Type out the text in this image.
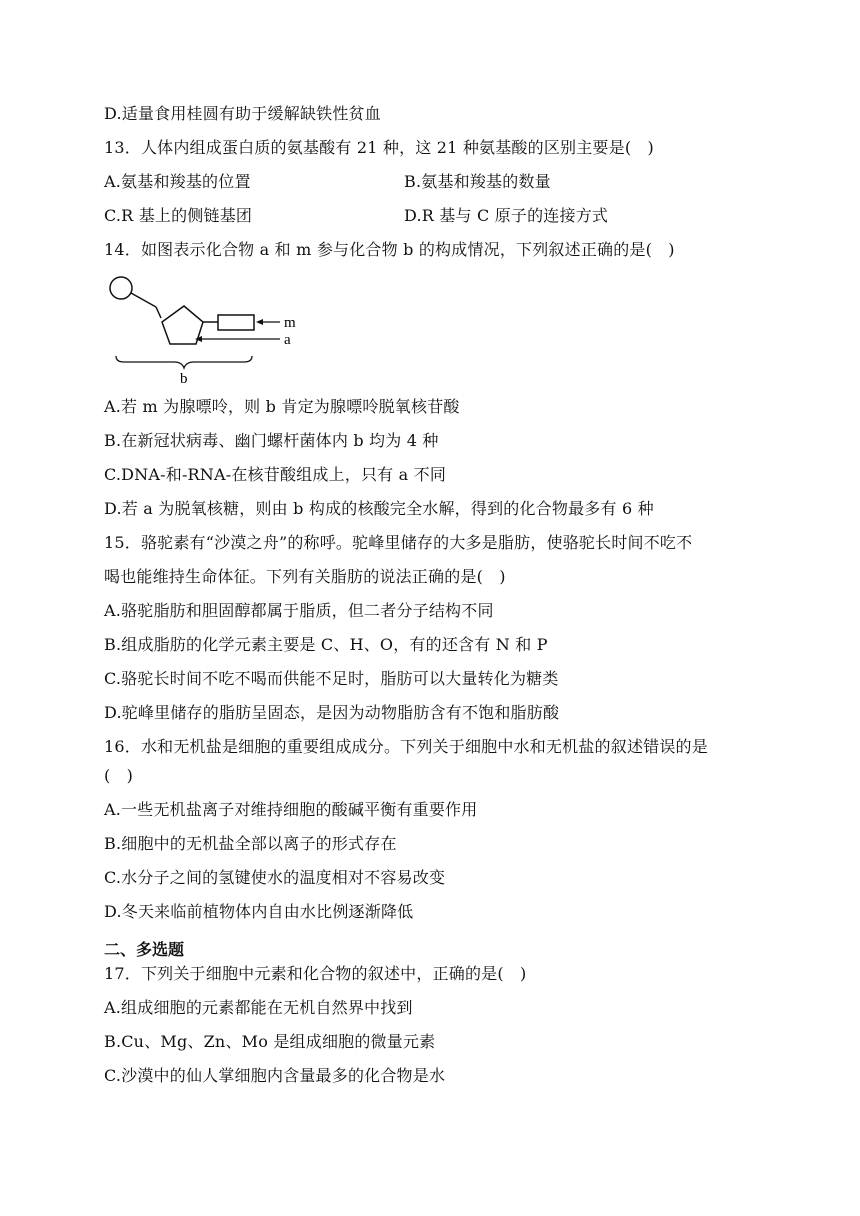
D.适量食用桂圆有助于缓解缺铁性贫血
13．人体内组成蛋白质的氨基酸有 21 种，这 21 种氨基酸的区别主要是(　)
A.氨基和羧基的位置	B.氨基和羧基的数量
C.R 基上的侧链基团	D.R 基与 C 原子的连接方式
14．如图表示化合物 a 和 m 参与化合物 b 的构成情况，下列叙述正确的是(　)
m
a
b
A.若 m 为腺嘌呤，则 b 肯定为腺嘌呤脱氧核苷酸
B.在新冠状病毒、幽门螺杆菌体内 b 均为 4 种
C.DNA-和-RNA-在核苷酸组成上，只有 a 不同
D.若 a 为脱氧核糖，则由 b 构成的核酸完全水解，得到的化合物最多有 6 种
15．骆驼素有“沙漠之舟”的称呼。驼峰里储存的大多是脂肪，使骆驼长时间不吃不
喝也能维持生命体征。下列有关脂肪的说法正确的是(　)
A.骆驼脂肪和胆固醇都属于脂质，但二者分子结构不同
B.组成脂肪的化学元素主要是 C、H、O，有的还含有 N 和 P
C.骆驼长时间不吃不喝而供能不足时，脂肪可以大量转化为糖类
D.驼峰里储存的脂肪呈固态，是因为动物脂肪含有不饱和脂肪酸
16．水和无机盐是细胞的重要组成成分。下列关于细胞中水和无机盐的叙述错误的是
(　)
A.一些无机盐离子对维持细胞的酸碱平衡有重要作用
B.细胞中的无机盐全部以离子的形式存在
C.水分子之间的氢键使水的温度相对不容易改变
D.冬天来临前植物体内自由水比例逐渐降低
二、多选题
17．下列关于细胞中元素和化合物的叙述中，正确的是(　)
A.组成细胞的元素都能在无机自然界中找到
B.Cu、Mg、Zn、Mo 是组成细胞的微量元素
C.沙漠中的仙人掌细胞内含量最多的化合物是水
